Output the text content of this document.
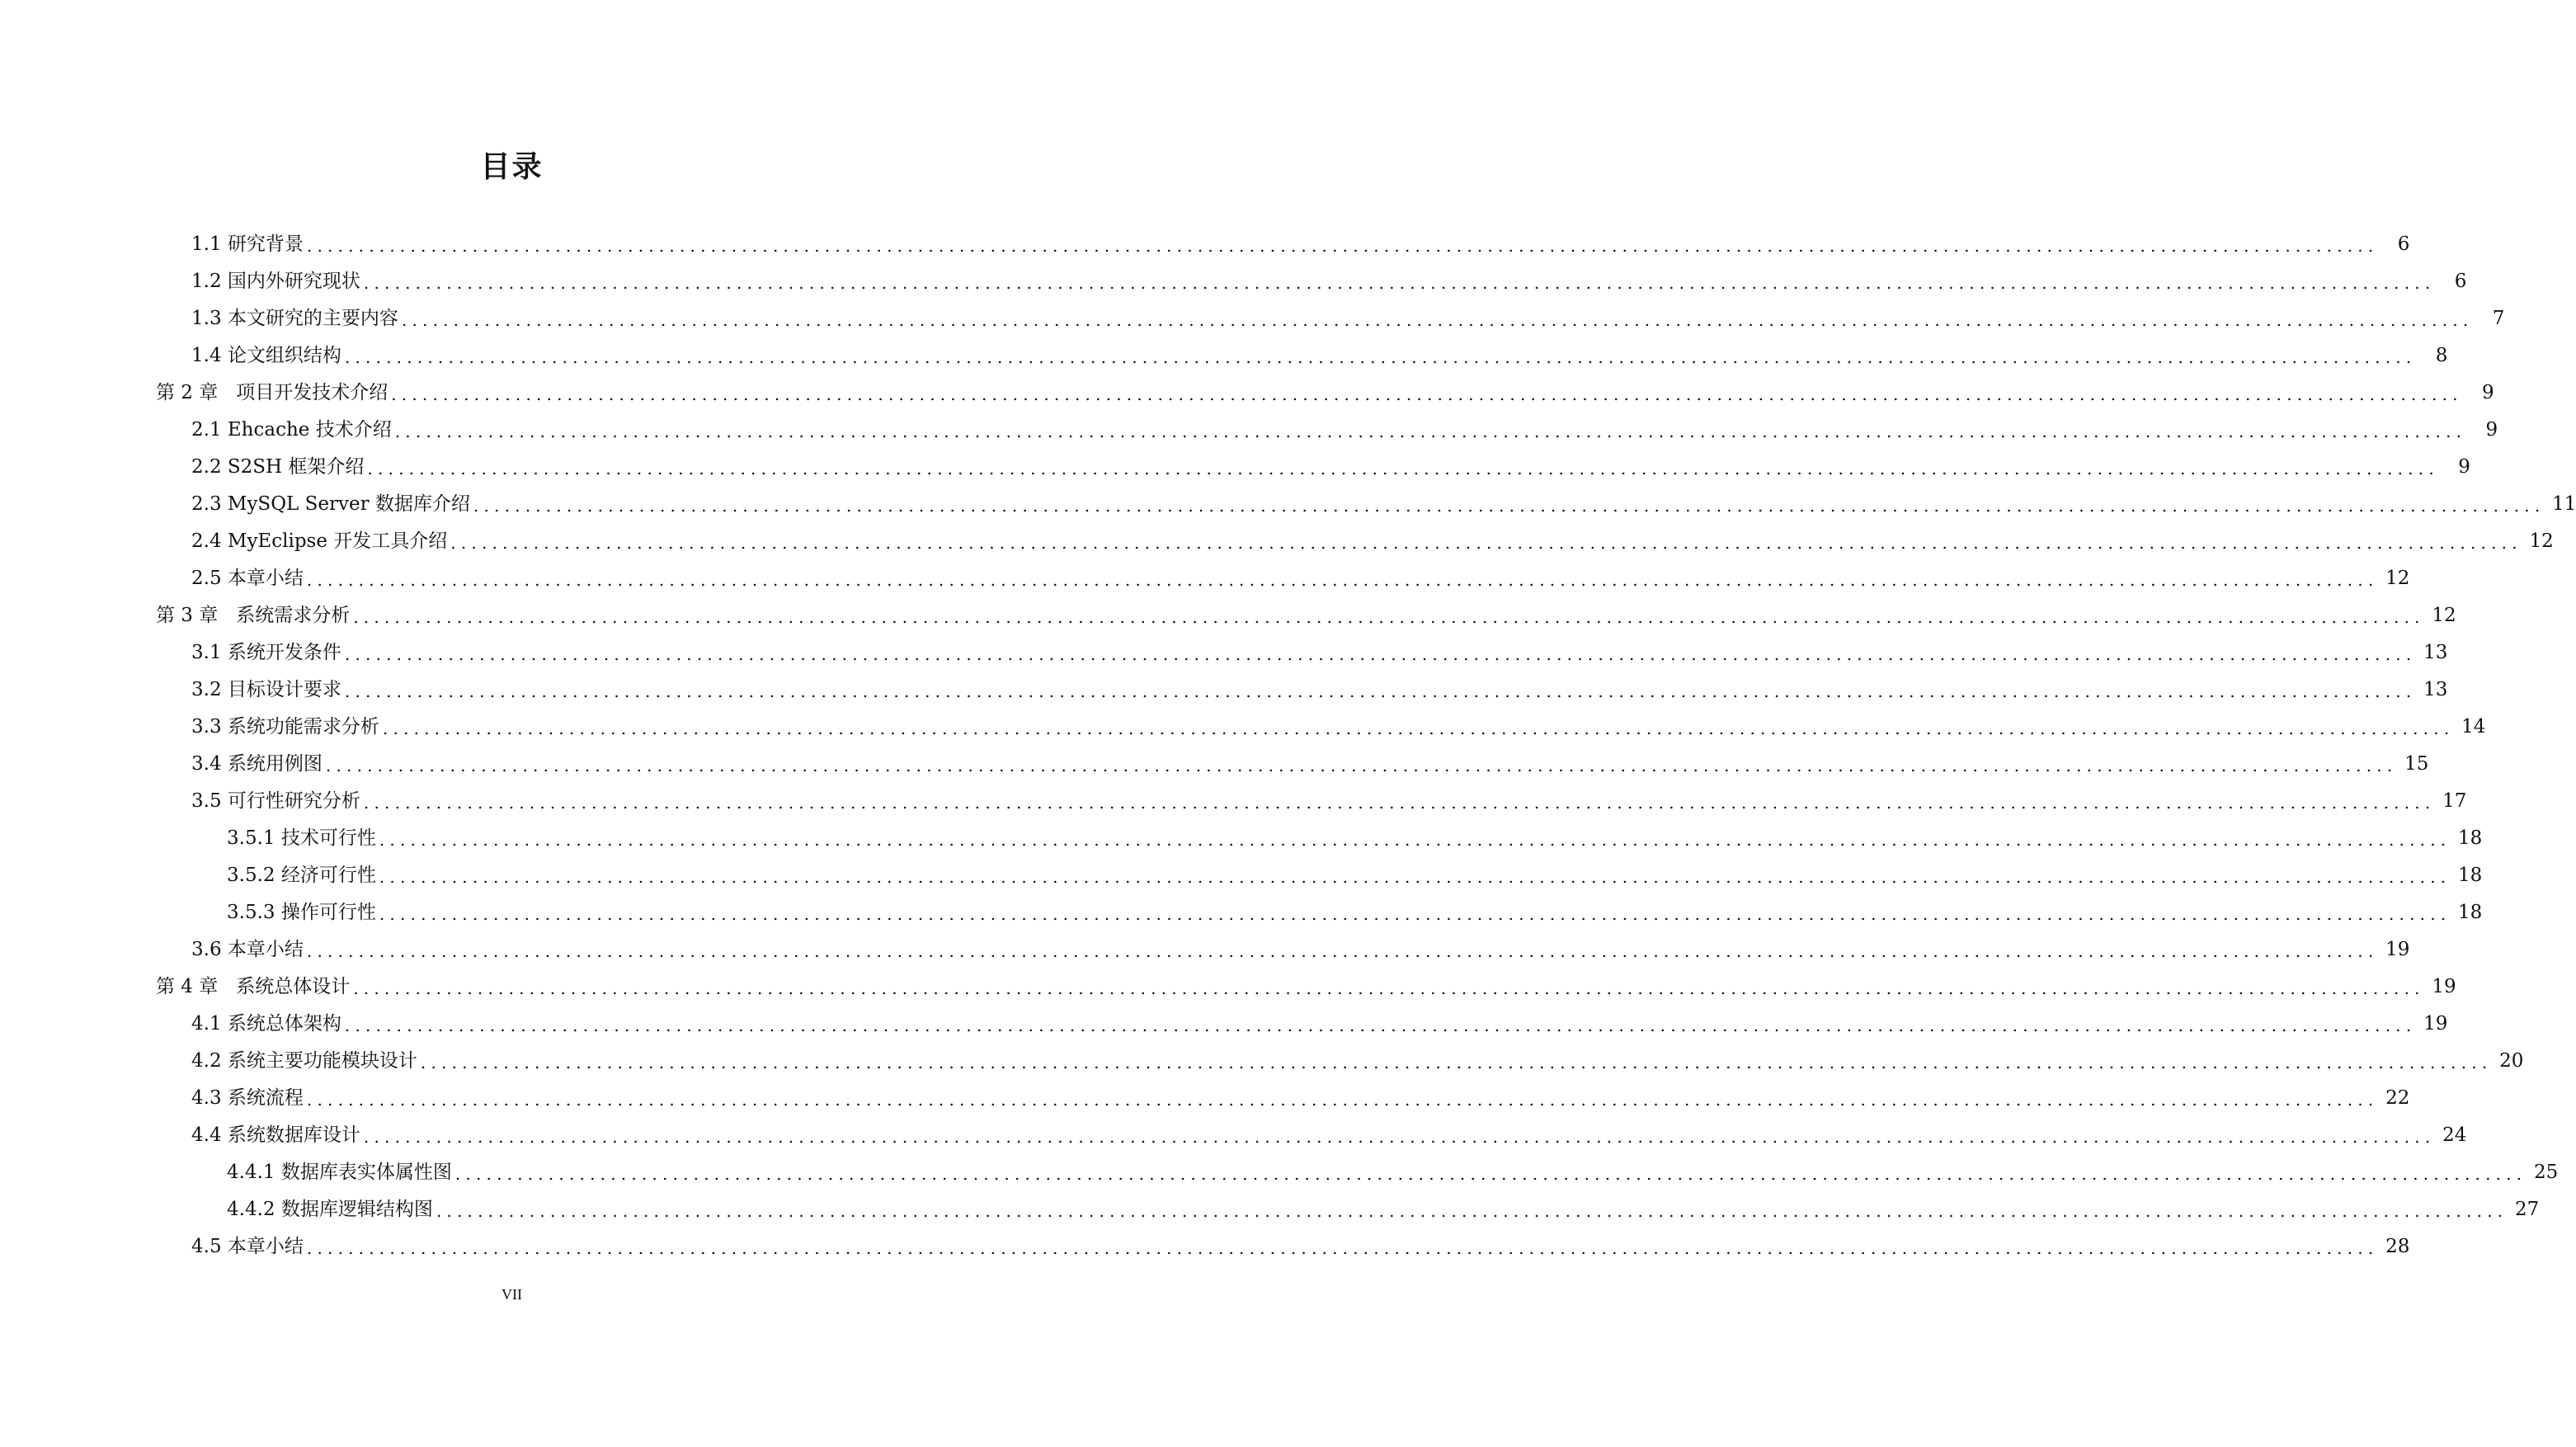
目录
1.1 研究背景 ........................................................................................................................................................................................................	6
1.2 国内外研究现状 ........................................................................................................................................................................................................	6
1.3 本文研究的主要内容 ........................................................................................................................................................................................................	7
1.4 论文组织结构 ........................................................................................................................................................................................................	8
第 2 章   项目开发技术介绍 ........................................................................................................................................................................................................	9
2.1 Ehcache 技术介绍 ........................................................................................................................................................................................................	9
2.2 S2SH 框架介绍 ........................................................................................................................................................................................................	9
2.3 MySQL Server 数据库介绍 ........................................................................................................................................................................................................ 11
2.4 MyEclipse 开发工具介绍 ........................................................................................................................................................................................................ 12
2.5 本章小结 ........................................................................................................................................................................................................ 12
第 3 章   系统需求分析 ........................................................................................................................................................................................................ 12
3.1 系统开发条件 ........................................................................................................................................................................................................ 13
3.2 目标设计要求 ........................................................................................................................................................................................................ 13
3.3 系统功能需求分析 ........................................................................................................................................................................................................ 14
3.4 系统用例图 ........................................................................................................................................................................................................ 15
3.5 可行性研究分析 ........................................................................................................................................................................................................ 17
3.5.1 技术可行性 ........................................................................................................................................................................................................ 18
3.5.2 经济可行性 ........................................................................................................................................................................................................ 18
3.5.3 操作可行性 ........................................................................................................................................................................................................ 18
3.6 本章小结 ........................................................................................................................................................................................................ 19
第 4 章   系统总体设计 ........................................................................................................................................................................................................ 19
4.1 系统总体架构 ........................................................................................................................................................................................................ 19
4.2 系统主要功能模块设计 ........................................................................................................................................................................................................ 20
4.3 系统流程 ........................................................................................................................................................................................................ 22
4.4 系统数据库设计 ........................................................................................................................................................................................................ 24
4.4.1 数据库表实体属性图 ........................................................................................................................................................................................................ 25
4.4.2 数据库逻辑结构图 ........................................................................................................................................................................................................ 27
4.5 本章小结 ........................................................................................................................................................................................................ 28
VII
